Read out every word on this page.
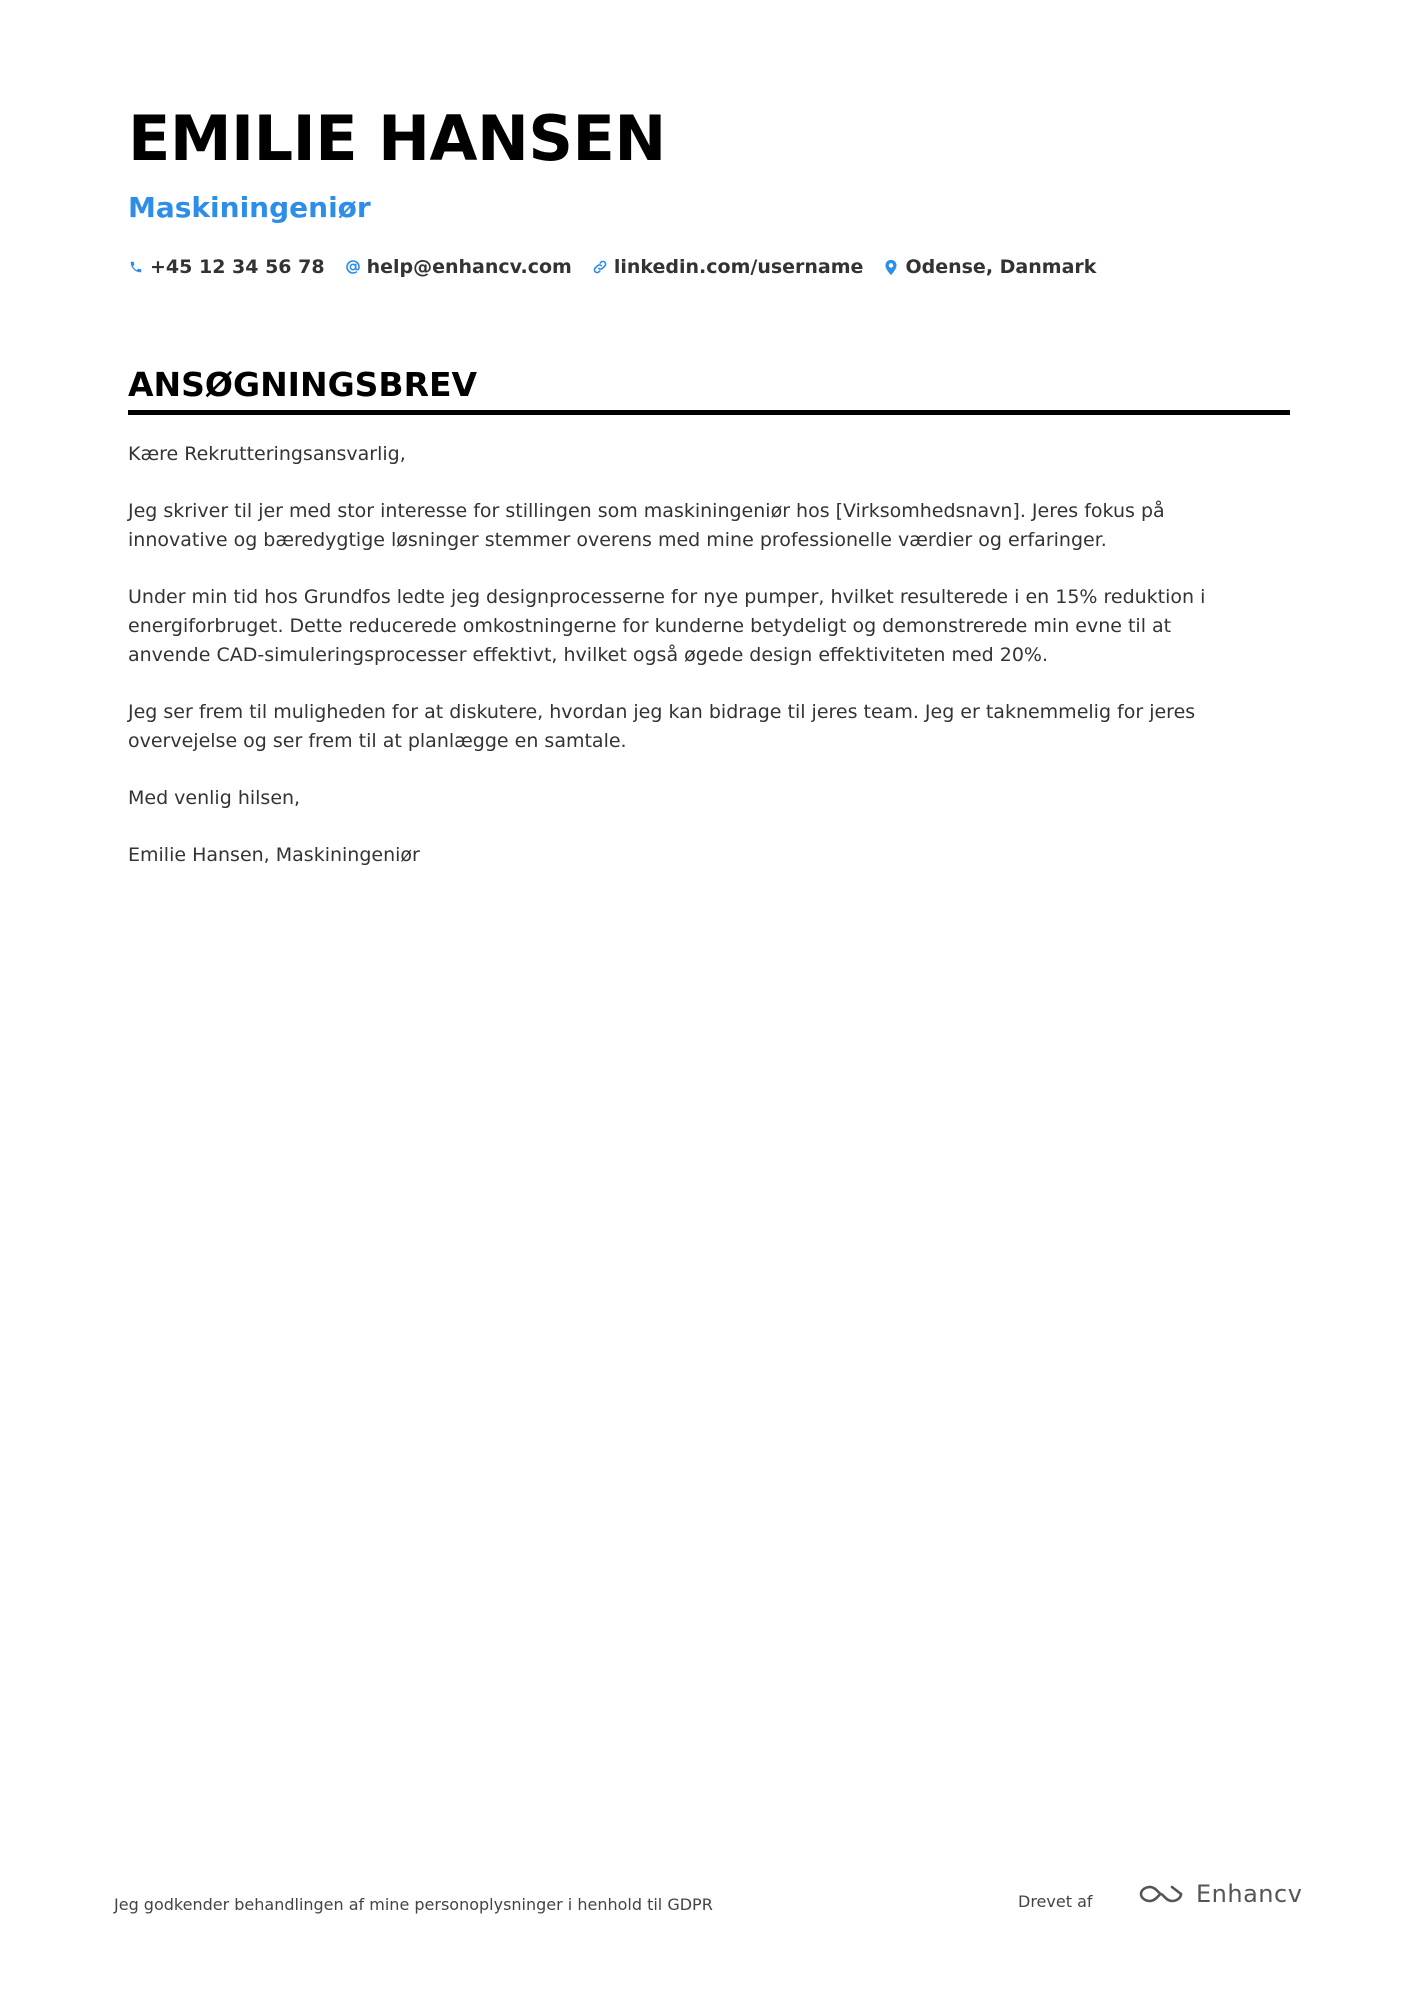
EMILIE HANSEN
Maskiningeniør
+45 12 34 56 78 help@enhancv.com linkedin.com/username Odense, Danmark
ANSØGNINGSBREV

Kære Rekrutteringsansvarlig,

Jeg skriver til jer med stor interesse for stillingen som maskiningeniør hos [Virksomhedsnavn]. Jeres fokus på innovative og bæredygtige løsninger stemmer overens med mine professionelle værdier og erfaringer.

Under min tid hos Grundfos ledte jeg designprocesserne for nye pumper, hvilket resulterede i en 15% reduktion i energiforbruget. Dette reducerede omkostningerne for kunderne betydeligt og demonstrerede min evne til at anvende CAD-simuleringsprocesser effektivt, hvilket også øgede design effektiviteten med 20%.

Jeg ser frem til muligheden for at diskutere, hvordan jeg kan bidrage til jeres team. Jeg er taknemmelig for jeres overvejelse og ser frem til at planlægge en samtale.

Med venlig hilsen,

Emilie Hansen, Maskiningeniør

Jeg godkender behandlingen af mine personoplysninger i henhold til GDPR	Drevet af	Enhancv
